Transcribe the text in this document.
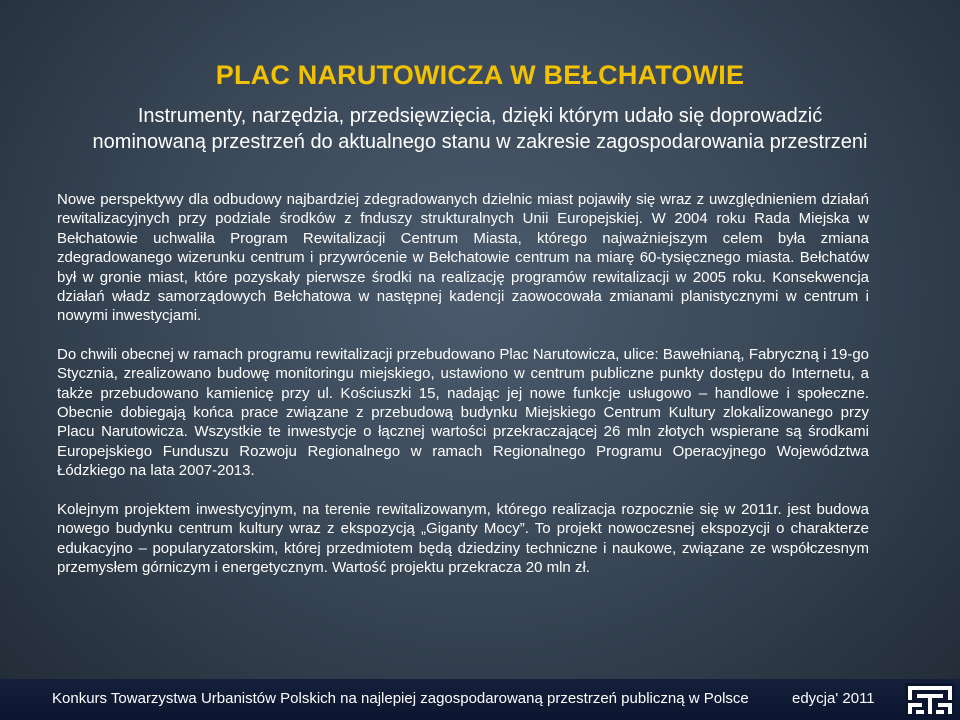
PLAC NARUTOWICZA W BEŁCHATOWIE
Instrumenty, narzędzia, przedsięwzięcia, dzięki którym udało się doprowadzić
nominowaną przestrzeń do aktualnego stanu w zakresie zagospodarowania przestrzeni

Nowe perspektywy dla odbudowy najbardziej zdegradowanych dzielnic miast pojawiły się wraz z uwzględnieniem działań rewitalizacyjnych przy podziale środków z fnduszy strukturalnych Unii Europejskiej. W 2004 roku Rada Miejska w Bełchatowie uchwaliła Program Rewitalizacji Centrum Miasta, którego najważniejszym celem była zmiana zdegradowanego wizerunku centrum i przywrócenie w Bełchatowie centrum na miarę 60-tysięcznego miasta. Bełchatów był w gronie miast, które pozyskały pierwsze środki na realizację programów rewitalizacji w 2005 roku. Konsekwencja działań władz samorządowych Bełchatowa w następnej kadencji zaowocowała zmianami planistycznymi w centrum i nowymi inwestycjami.

Do chwili obecnej w ramach programu rewitalizacji przebudowano Plac Narutowicza, ulice: Bawełnianą, Fabryczną i 19-go Stycznia, zrealizowano budowę monitoringu miejskiego, ustawiono w centrum publiczne punkty dostępu do Internetu, a także przebudowano kamienicę przy ul. Kościuszki 15, nadając jej nowe funkcje usługowo – handlowe i społeczne. Obecnie dobiegają końca prace związane z przebudową budynku Miejskiego Centrum Kultury zlokalizowanego przy Placu Narutowicza. Wszystkie te inwestycje o łącznej wartości przekraczającej 26 mln złotych wspierane są środkami Europejskiego Funduszu Rozwoju Regionalnego w ramach Regionalnego Programu Operacyjnego Województwa Łódzkiego na lata 2007-2013.

Kolejnym projektem inwestycyjnym, na terenie rewitalizowanym, którego realizacja rozpocznie się w 2011r. jest budowa nowego budynku centrum kultury wraz z ekspozycją „Giganty Mocy”. To projekt nowoczesnej ekspozycji o charakterze edukacyjno – popularyzatorskim, której przedmiotem będą dziedziny techniczne i naukowe, związane ze współczesnym przemysłem górniczym i energetycznym. Wartość projektu przekracza 20 mln zł.

Konkurs Towarzystwa Urbanistów Polskich na najlepiej zagospodarowaną przestrzeń publiczną w Polsce	edycja' 2011
